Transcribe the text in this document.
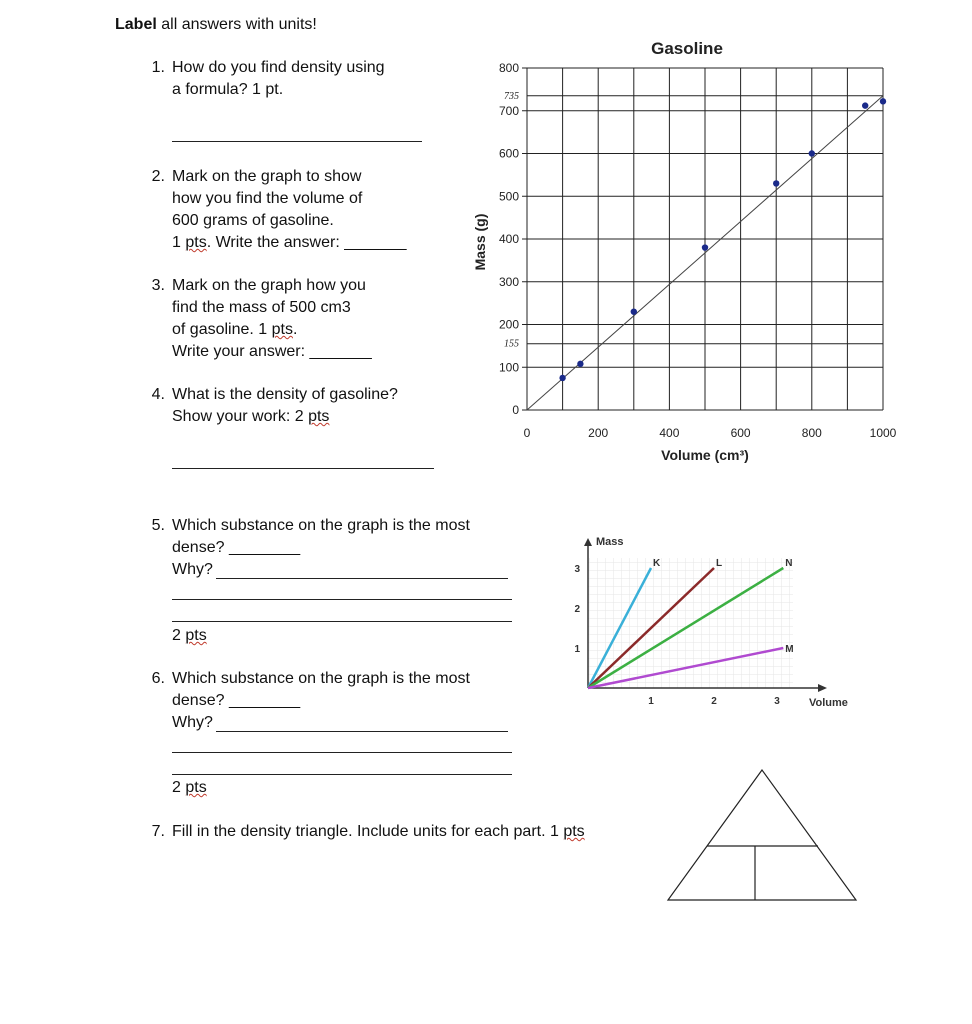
Label all answers with units!
1. How do you find density using
a formula? 1 pt.
2. Mark on the graph to show
how you find the volume of
600 grams of gasoline.
1 pts. Write the answer: _______
3. Mark on the graph how you
find the mass of 500 cm3
of gasoline. 1 pts.
Write your answer: _______
4. What is the density of gasoline?
Show your work: 2 pts
5. Which substance on the graph is the most
dense? ________
Why?
2 pts
6. Which substance on the graph is the most
dense? ________
Why?
2 pts
7. Fill in the density triangle. Include units for each part. 1 pts
Gasoline
0
100
200
300
400
500
600
700
800
735
155
0	200	400	600	800	1000
Volume (cm³)
Mass (g)
Mass
Volume
1	2	3
1
2
3
K	L	N
M
